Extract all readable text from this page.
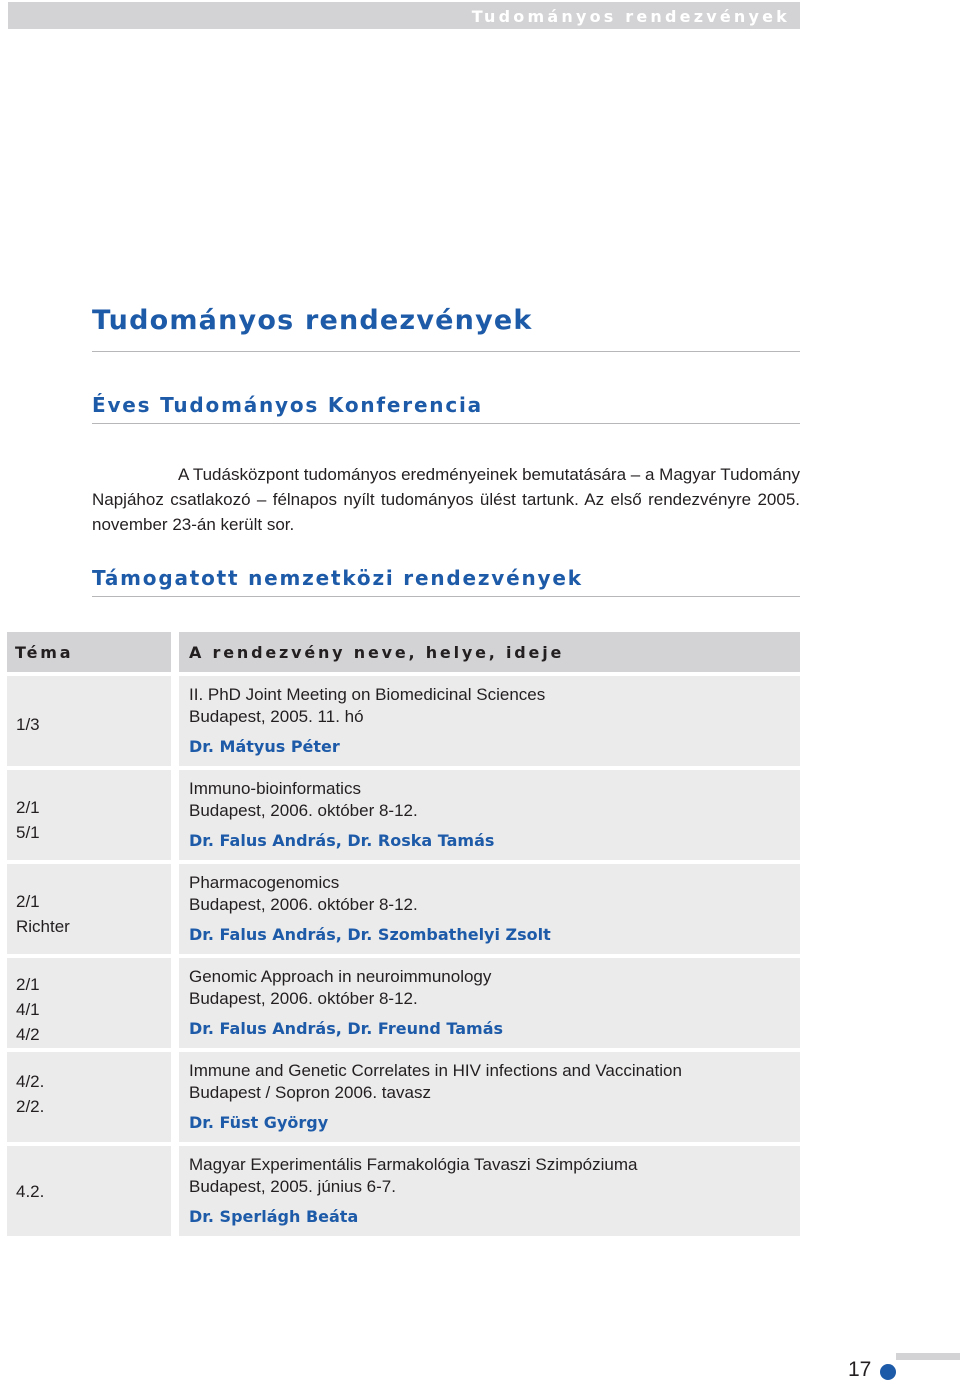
Tudományos rendezvények
Tudományos rendezvények
Éves Tudományos Konferencia

A Tudásközpont tudományos eredményeinek bemutatására – a Magyar Tudomány Napjához csatlakozó – félnapos nyílt tudományos ülést tartunk. Az első rendezvényre 2005. november 23-án került sor.

Támogatott nemzetközi rendezvények
Téma	A rendezvény neve, helye, ideje
1/3
II. PhD Joint Meeting on Biomedicinal Sciences
Budapest, 2005. 11. hó
Dr. Mátyus Péter
2/1
5/1
Immuno-bioinformatics
Budapest, 2006. október 8-12.
Dr. Falus András, Dr. Roska Tamás
2/1
Richter
Pharmacogenomics
Budapest, 2006. október 8-12.
Dr. Falus András, Dr. Szombathelyi Zsolt
2/1
4/1
4/2
Genomic Approach in neuroimmunology
Budapest, 2006. október 8-12.
Dr. Falus András, Dr. Freund Tamás
4/2.
2/2.
Immune and Genetic Correlates in HIV infections and Vaccination
Budapest / Sopron 2006. tavasz
Dr. Füst György
4.2.
Magyar Experimentális Farmakológia Tavaszi Szimpóziuma
Budapest, 2005. június 6-7.
Dr. Sperlágh Beáta
17
